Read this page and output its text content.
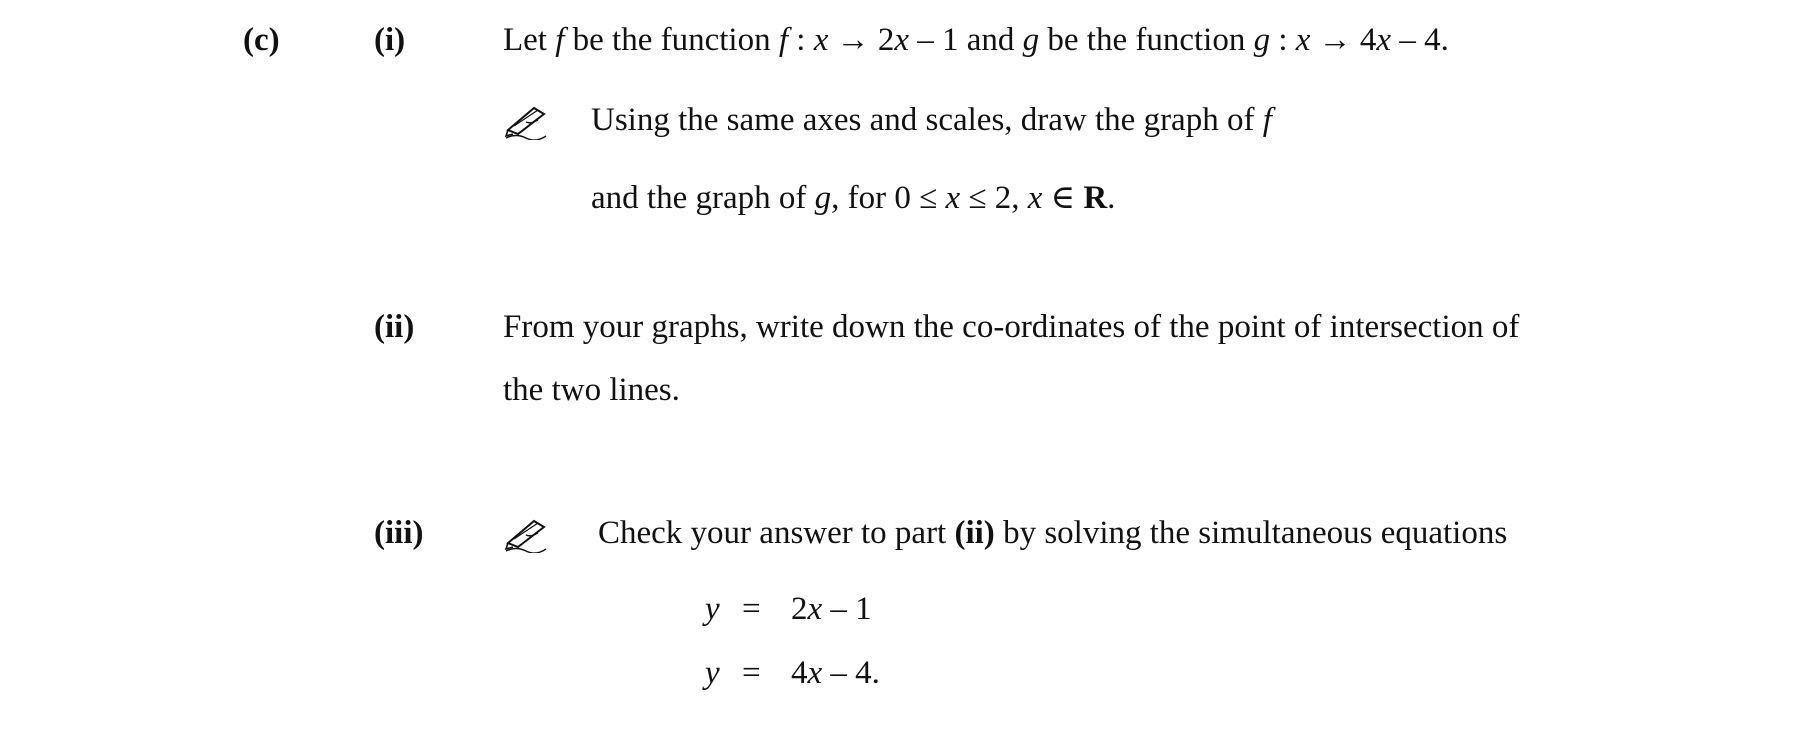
(c)	(i)	Let f be the function f : x → 2x – 1 and g be the function g : x → 4x – 4.
Using the same axes and scales, draw the graph of f
and the graph of g, for 0 ≤ x ≤ 2, x ∈ R.
(ii)	From your graphs, write down the co-ordinates of the point of intersection of
the two lines.
(iii)	Check your answer to part (ii) by solving the simultaneous equations
y = 2x – 1
y = 4x – 4.
